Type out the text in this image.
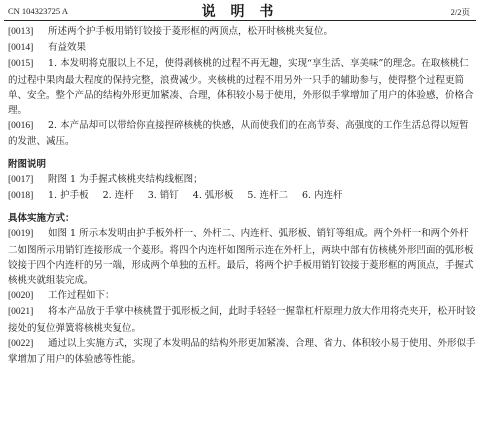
CN 104323725 A	说 明 书	2/2页

[0013] 所述两个护手板用销钉铰接于菱形框的两顶点，松开时核桃夹复位。

[0014] 有益效果

[0015] 1. 本发明将克服以上不足，使得剥核桃的过程不再无趣，实现“享生活、享美味”的理念。在取核桃仁的过程中果肉最大程度的保持完整，浪费减少。夹核桃的过程不用另外一只手的辅助参与，使得整个过程更简单、安全。整个产品的结构外形更加紧凑、合理，体积较小易于使用，外形似手掌增加了用户的体验感，价格合理。

[0016] 2. 本产品却可以带给你直接捏碎核桃的快感，从而使我们的在高节奏、高强度的工作生活总得以短暂的发泄、减压。

附图说明

[0017] 附图 1 为手握式核桃夹结构线框图；

[0018] 1. 护手板 2. 连杆 3. 销钉 4. 弧形板 5. 连杆二 6. 内连杆

具体实施方式：

[0019] 如图 1 所示本发明由护手板外杆一、外杆二、内连杆、弧形板、销钉等组成。两个外杆一和两个外杆二如图所示用销钉连接形成一个菱形。将四个内连杆如图所示连在外杆上，两块中部有仿核桃外形凹面的弧形板铰接于四个内连杆的另一端，形成两个单独的五杆。最后，将两个护手板用销钉铰接于菱形框的两顶点，手握式核桃夹就组装完成。

[0020] 工作过程如下：

[0021] 将本产品放于手掌中核桃置于弧形板之间，此时手轻轻一握靠杠杆原理力放大作用将壳夹开，松开时铰接处的复位弹簧将核桃夹复位。

[0022] 通过以上实施方式，实现了本发明品的结构外形更加紧凑、合理、省力、体积较小易于使用、外形似手掌增加了用户的体验感等性能。
